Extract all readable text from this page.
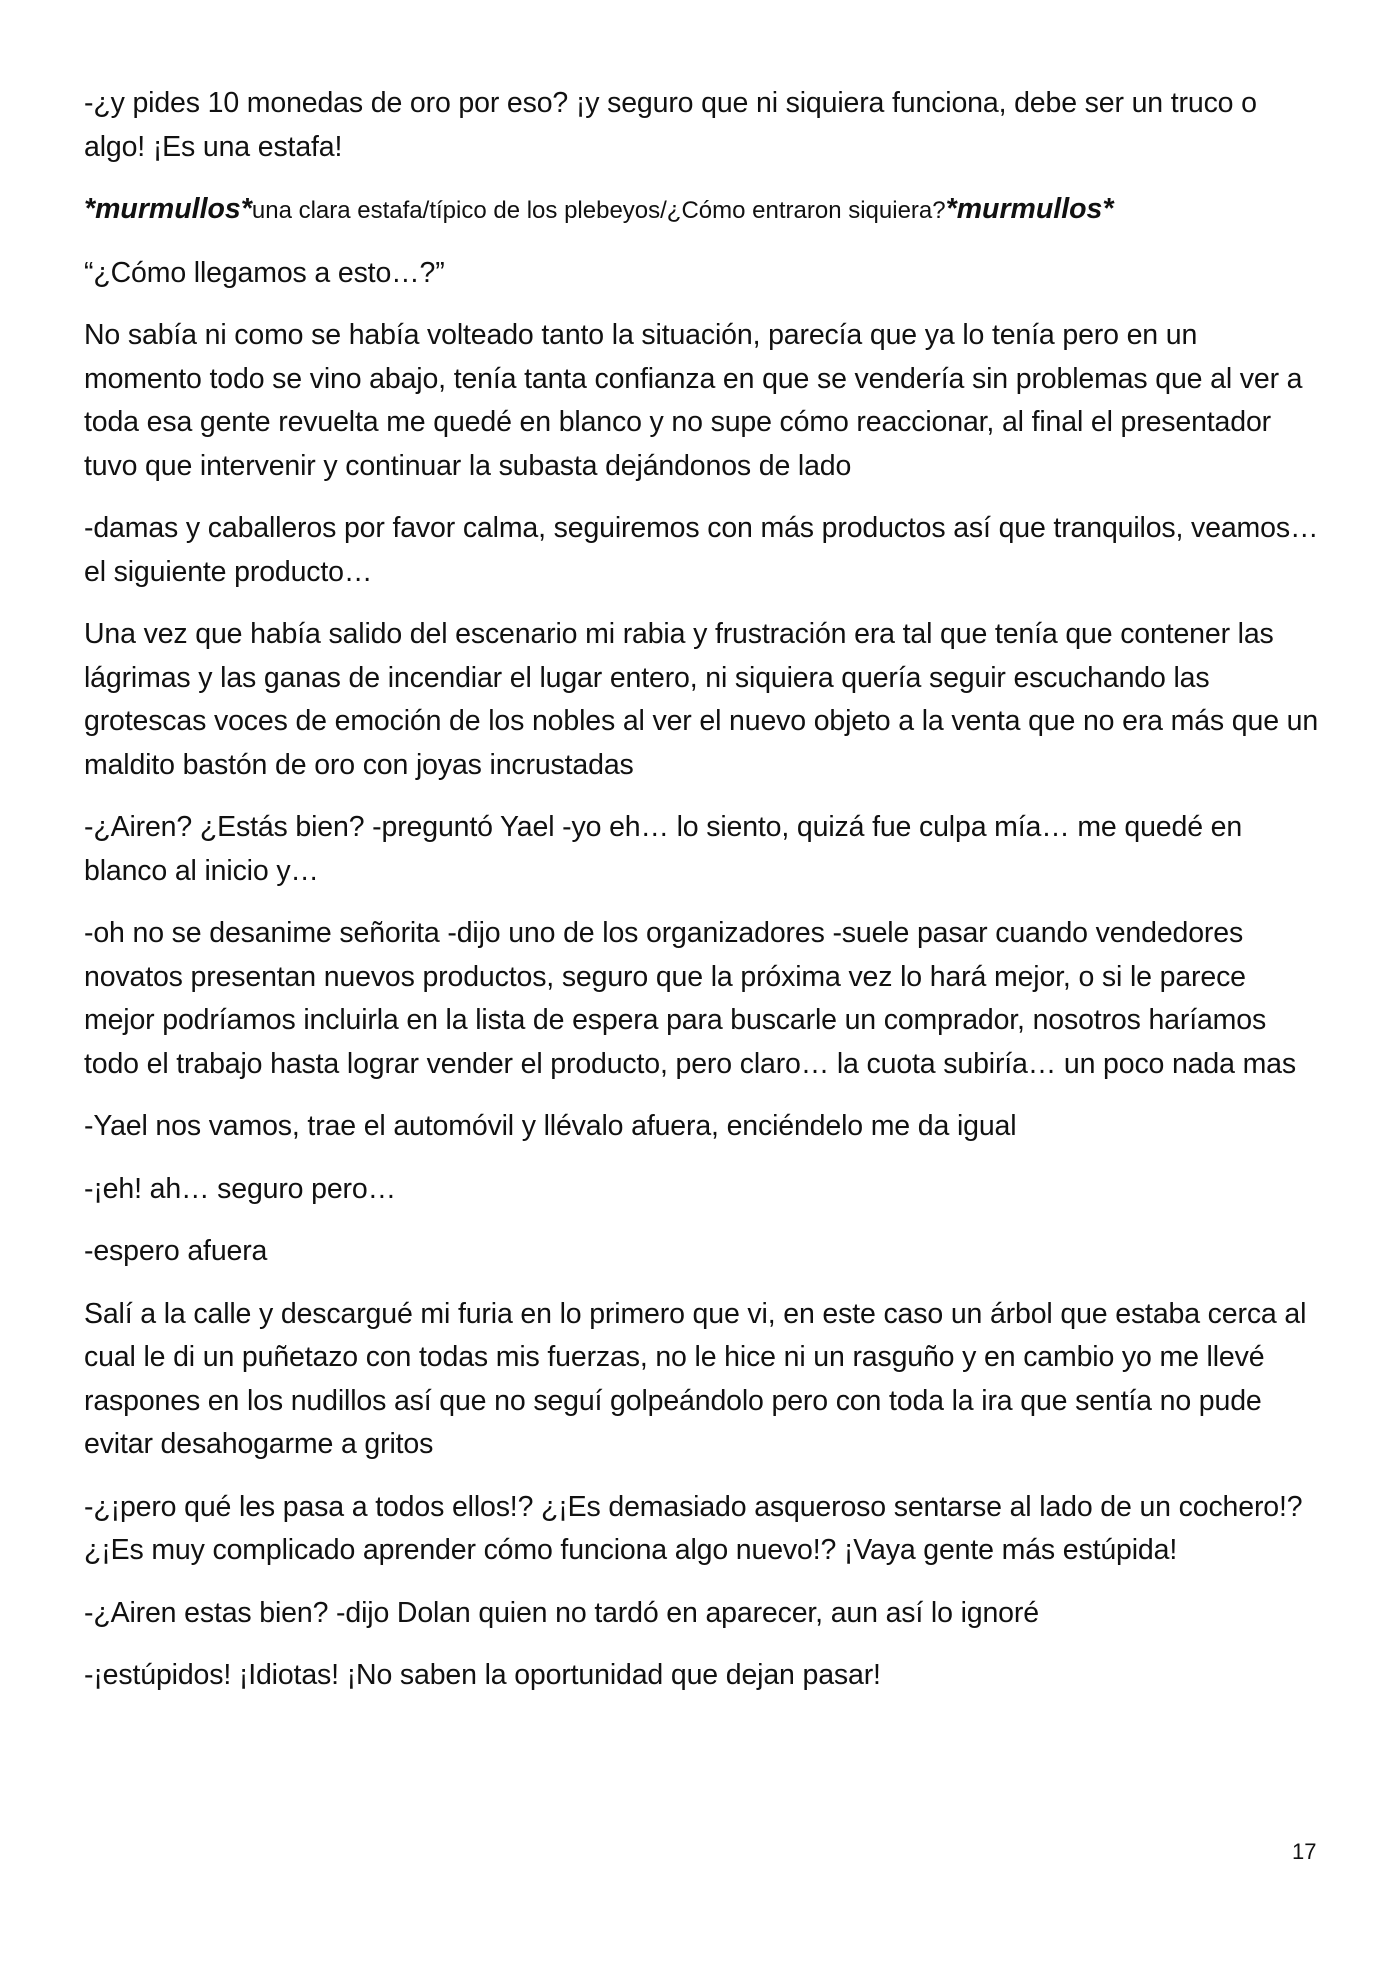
-¿y pides 10 monedas de oro por eso? ¡y seguro que ni siquiera funciona, debe ser un truco o algo! ¡Es una estafa!

*murmullos*una clara estafa/típico de los plebeyos/¿Cómo entraron siquiera?*murmullos*

“¿Cómo llegamos a esto…?”

No sabía ni como se había volteado tanto la situación, parecía que ya lo tenía pero en un momento todo se vino abajo, tenía tanta confianza en que se vendería sin problemas que al ver a toda esa gente revuelta me quedé en blanco y no supe cómo reaccionar, al final el presentador tuvo que intervenir y continuar la subasta dejándonos de lado

-damas y caballeros por favor calma, seguiremos con más productos así que tranquilos, veamos… el siguiente producto…

Una vez que había salido del escenario mi rabia y frustración era tal que tenía que contener las lágrimas y las ganas de incendiar el lugar entero, ni siquiera quería seguir escuchando las grotescas voces de emoción de los nobles al ver el nuevo objeto a la venta que no era más que un maldito bastón de oro con joyas incrustadas

-¿Airen? ¿Estás bien? -preguntó Yael -yo eh… lo siento, quizá fue culpa mía… me quedé en blanco al inicio y…

-oh no se desanime señorita -dijo uno de los organizadores -suele pasar cuando vendedores novatos presentan nuevos productos, seguro que la próxima vez lo hará mejor, o si le parece mejor podríamos incluirla en la lista de espera para buscarle un comprador, nosotros haríamos todo el trabajo hasta lograr vender el producto, pero claro… la cuota subiría… un poco nada mas

-Yael nos vamos, trae el automóvil y llévalo afuera, enciéndelo me da igual

-¡eh! ah… seguro pero…

-espero afuera

Salí a la calle y descargué mi furia en lo primero que vi, en este caso un árbol que estaba cerca al cual le di un puñetazo con todas mis fuerzas, no le hice ni un rasguño y en cambio yo me llevé raspones en los nudillos así que no seguí golpeándolo pero con toda la ira que sentía no pude evitar desahogarme a gritos

-¿¡pero qué les pasa a todos ellos!? ¿¡Es demasiado asqueroso sentarse al lado de un cochero!? ¿¡Es muy complicado aprender cómo funciona algo nuevo!? ¡Vaya gente más estúpida!

-¿Airen estas bien? -dijo Dolan quien no tardó en aparecer, aun así lo ignoré

-¡estúpidos! ¡Idiotas! ¡No saben la oportunidad que dejan pasar!

17
